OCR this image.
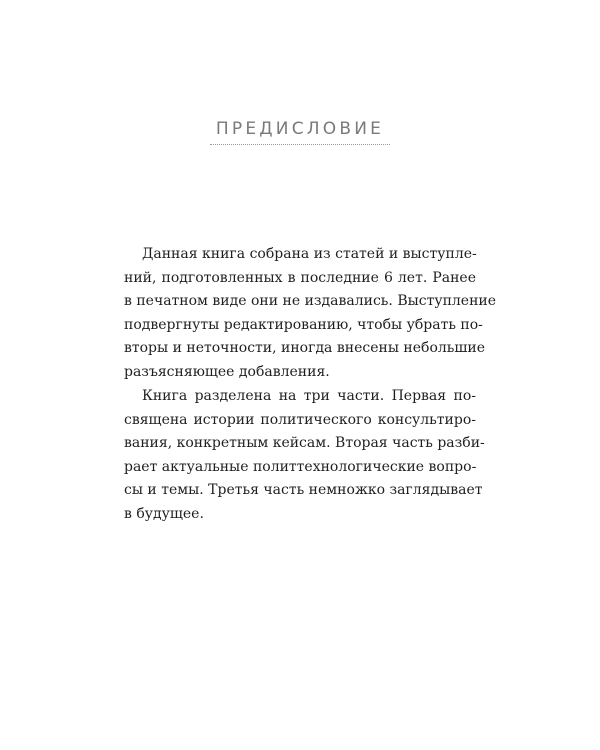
ПРЕДИСЛОВИЕ
Данная книга собрана из статей и выступле-
ний, подготовленных в последние 6 лет. Ранее
в печатном виде они не издавались. Выступление
подвергнуты редактированию, чтобы убрать по-
вторы и неточности, иногда внесены небольшие
разъясняющее добавления.
Книга разделена на три части. Первая по-
священа истории политического консультиро-
вания, конкретным кейсам. Вторая часть разби-
рает актуальные политтехнологические вопро-
сы и темы. Третья часть немножко заглядывает
в будущее.
